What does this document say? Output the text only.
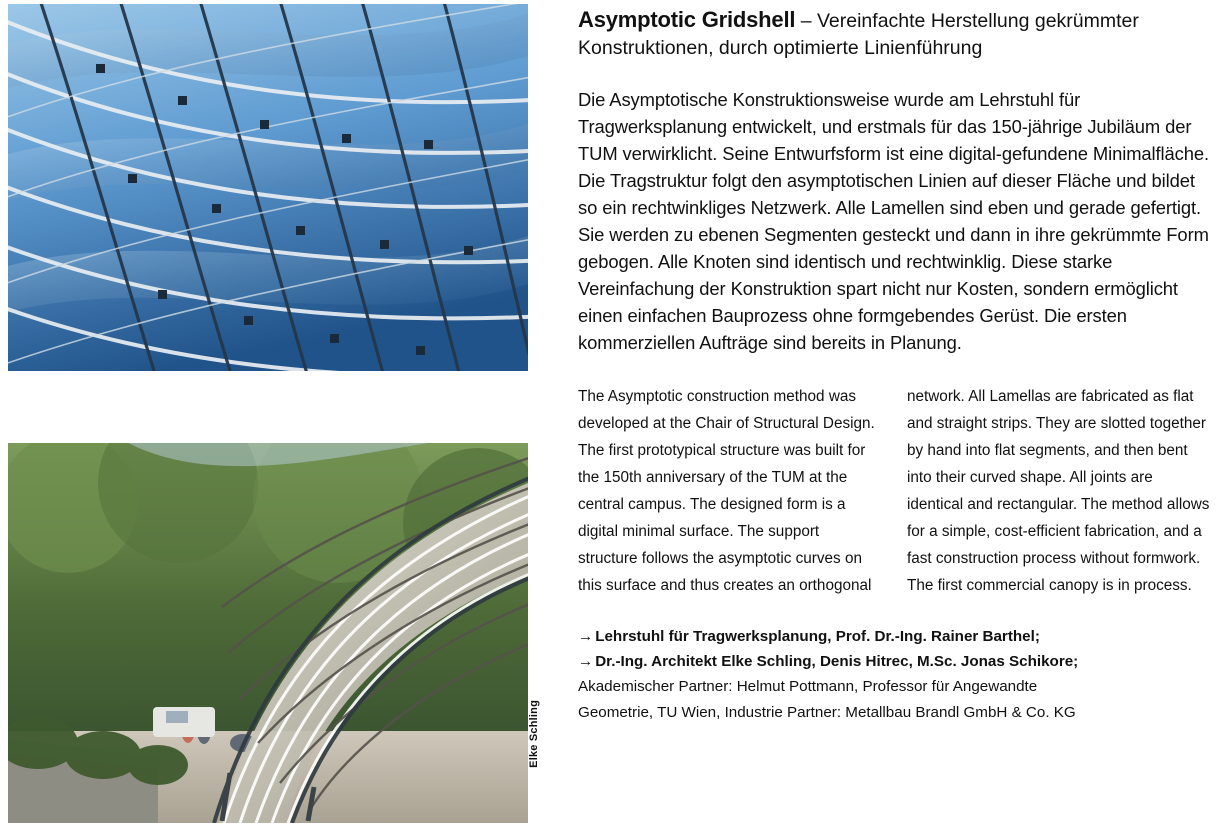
Elke Schling
Asymptotic Gridshell – Vereinfachte Herstellung gekrümmter Konstruktionen, durch optimierte Linienführung
Die Asymptotische Konstruktionsweise wurde am Lehrstuhl für Tragwerksplanung entwickelt, und erstmals für das 150-jährige Jubiläum der TUM verwirklicht. Seine Entwurfsform ist eine digital-gefundene Minimalfläche. Die Tragstruktur folgt den asymptotischen Linien auf dieser Fläche und bildet so ein rechtwinkliges Netzwerk. Alle Lamellen sind eben und gerade gefertigt. Sie werden zu ebenen Segmenten gesteckt und dann in ihre gekrümmte Form gebogen. Alle Knoten sind identisch und rechtwinklig. Diese starke Vereinfachung der Konstruktion spart nicht nur Kosten, sondern ermöglicht einen einfachen Bauprozess ohne formgebendes Gerüst. Die ersten kommerziellen Aufträge sind bereits in Planung.
The Asymptotic construction method was developed at the Chair of Structural Design. The first prototypical structure was built for the 150th anniversary of the TUM at the central campus. The designed form is a digital minimal surface. The support structure follows the asymptotic curves on this surface and thus creates an orthogonal
network. All Lamellas are fabricated as flat and straight strips. They are slotted together by hand into flat segments, and then bent into their curved shape. All joints are identical and rectangular. The method allows for a simple, cost-efficient fabrication, and a fast construction process without formwork. The first commercial canopy is in process.
→ Lehrstuhl für Tragwerksplanung, Prof. Dr.-Ing. Rainer Barthel;
→ Dr.-Ing. Architekt Elke Schling, Denis Hitrec, M.Sc. Jonas Schikore;
Akademischer Partner: Helmut Pottmann, Professor für Angewandte
Geometrie, TU Wien, Industrie Partner: Metallbau Brandl GmbH & Co. KG
